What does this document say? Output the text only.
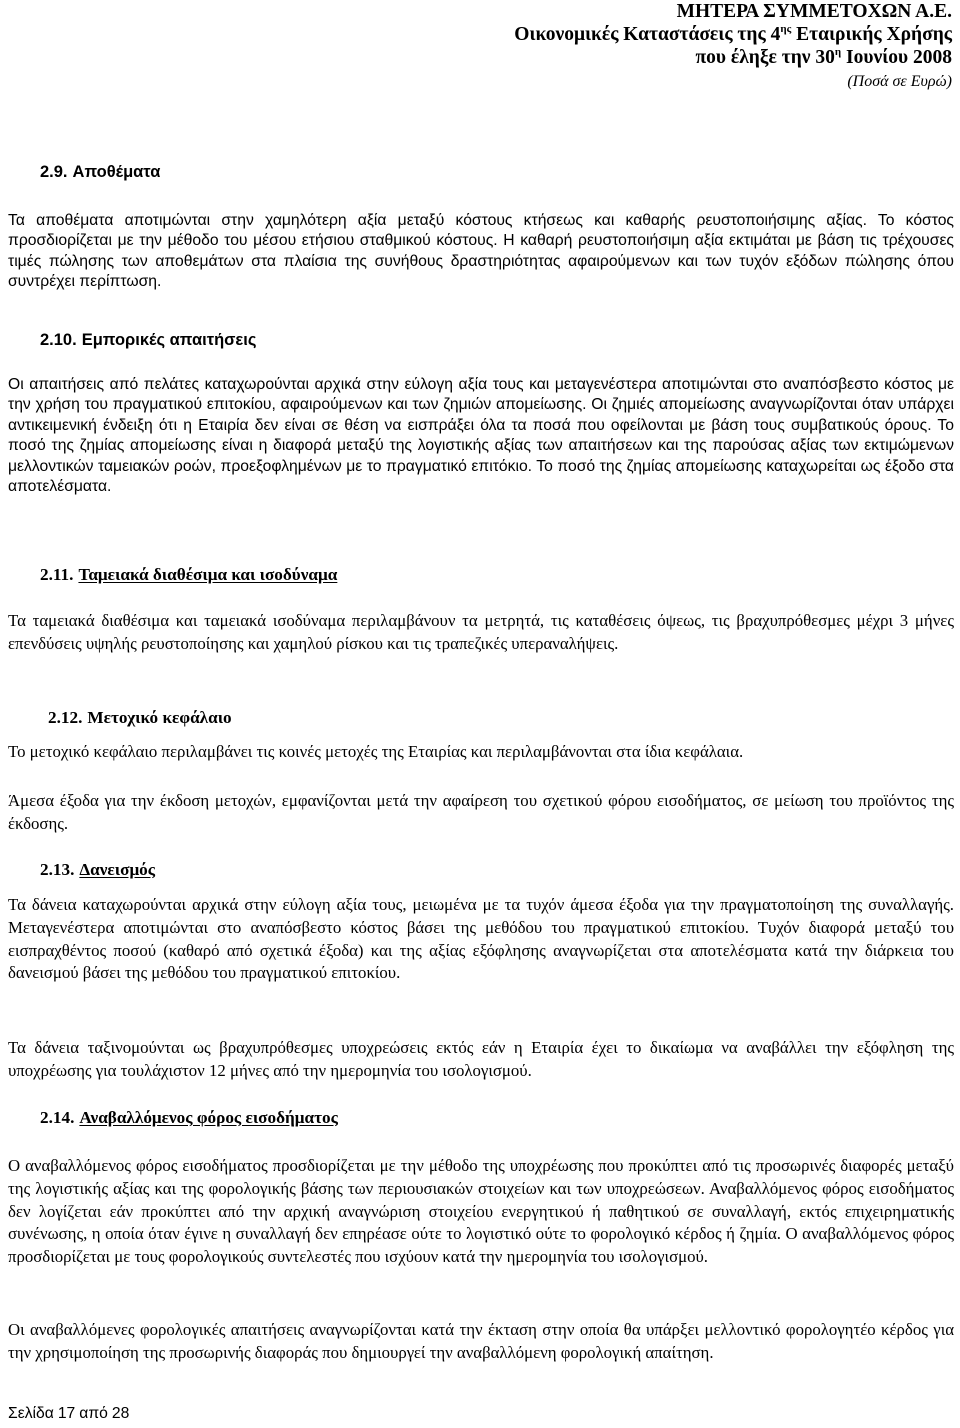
ΜΗΤΕΡΑ ΣΥΜΜΕΤΟΧΩΝ Α.Ε.
Οικονομικές Καταστάσεις της $4^{\eta\varsigma}$ Εταιρικής Χρήσης
που έληξε την $30^\eta$ Ιουνίου 2008
(Ποσά σε Ευρώ)
2.9. Αποθέματα

Τα αποθέματα αποτιμώνται στην χαμηλότερη αξία μεταξύ κόστους κτήσεως και καθαρής ρευστοποιήσιμης αξίας. Το κόστος προσδιορίζεται με την μέθοδο του μέσου ετήσιου σταθμικού κόστους. Η καθαρή ρευστοποιήσιμη αξία εκτιμάται με βάση τις τρέχουσες τιμές πώλησης των αποθεμάτων στα πλαίσια της συνήθους δραστηριότητας αφαιρούμενων και των τυχόν εξόδων πώλησης όπου συντρέχει περίπτωση.

2.10. Εμπορικές απαιτήσεις

Οι απαιτήσεις από πελάτες καταχωρούνται αρχικά στην εύλογη αξία τους και μεταγενέστερα αποτιμώνται στο αναπόσβεστο κόστος με την χρήση του πραγματικού επιτοκίου, αφαιρούμενων και των ζημιών απομείωσης. Οι ζημιές απομείωσης αναγνωρίζονται όταν υπάρχει αντικειμενική ένδειξη ότι η Εταιρία δεν είναι σε θέση να εισπράξει όλα τα ποσά που οφείλονται με βάση τους συμβατικούς όρους. Το ποσό της ζημίας απομείωσης είναι η διαφορά μεταξύ της λογιστικής αξίας των απαιτήσεων και της παρούσας αξίας των εκτιμώμενων μελλοντικών ταμειακών ροών, προεξοφλημένων με το πραγματικό επιτόκιο. Το ποσό της ζημίας απομείωσης καταχωρείται ως έξοδο στα αποτελέσματα.

2.11. Ταμειακά διαθέσιμα και ισοδύναμα

Τα ταμειακά διαθέσιμα και ταμειακά ισοδύναμα περιλαμβάνουν τα μετρητά, τις καταθέσεις όψεως, τις βραχυπρόθεσμες μέχρι 3 μήνες επενδύσεις υψηλής ρευστοποίησης και χαμηλού ρίσκου και τις τραπεζικές υπεραναλήψεις.

2.12. Μετοχικό κεφάλαιο

Το μετοχικό κεφάλαιο περιλαμβάνει τις κοινές μετοχές της Εταιρίας και περιλαμβάνονται στα ίδια κεφάλαια.

Άμεσα έξοδα για την έκδοση μετοχών, εμφανίζονται μετά την αφαίρεση του σχετικού φόρου εισοδήματος, σε μείωση του προϊόντος της έκδοσης.

2.13. Δανεισμός

Τα δάνεια καταχωρούνται αρχικά στην εύλογη αξία τους, μειωμένα με τα τυχόν άμεσα έξοδα για την πραγματοποίηση της συναλλαγής. Μεταγενέστερα αποτιμώνται στο αναπόσβεστο κόστος βάσει της μεθόδου του πραγματικού επιτοκίου. Τυχόν διαφορά μεταξύ του εισπραχθέντος ποσού (καθαρό από σχετικά έξοδα) και της αξίας εξόφλησης αναγνωρίζεται στα αποτελέσματα κατά την διάρκεια του δανεισμού βάσει της μεθόδου του πραγματικού επιτοκίου.

Τα δάνεια ταξινομούνται ως βραχυπρόθεσμες υποχρεώσεις εκτός εάν η Εταιρία έχει το δικαίωμα να αναβάλλει την εξόφληση της υποχρέωσης για τουλάχιστον 12 μήνες από την ημερομηνία του ισολογισμού.

2.14. Αναβαλλόμενος φόρος εισοδήματος

Ο αναβαλλόμενος φόρος εισοδήματος προσδιορίζεται με την μέθοδο της υποχρέωσης που προκύπτει από τις προσωρινές διαφορές μεταξύ της λογιστικής αξίας και της φορολογικής βάσης των περιουσιακών στοιχείων και των υποχρεώσεων. Αναβαλλόμενος φόρος εισοδήματος δεν λογίζεται εάν προκύπτει από την αρχική αναγνώριση στοιχείου ενεργητικού ή παθητικού σε συναλλαγή, εκτός επιχειρηματικής συνένωσης, η οποία όταν έγινε η συναλλαγή δεν επηρέασε ούτε το λογιστικό ούτε το φορολογικό κέρδος ή ζημία. Ο αναβαλλόμενος φόρος προσδιορίζεται με τους φορολογικούς συντελεστές που ισχύουν κατά την ημερομηνία του ισολογισμού.

Οι αναβαλλόμενες φορολογικές απαιτήσεις αναγνωρίζονται κατά την έκταση στην οποία θα υπάρξει μελλοντικό φορολογητέο κέρδος για την χρησιμοποίηση της προσωρινής διαφοράς που δημιουργεί την αναβαλλόμενη φορολογική απαίτηση.

Σελίδα 17 από 28
